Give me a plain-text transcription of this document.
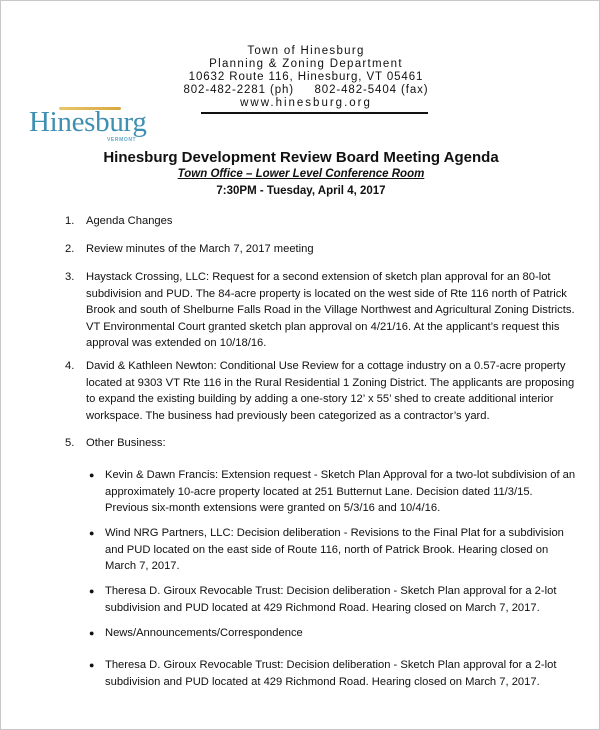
Town of Hinesburg
Planning & Zoning Department
10632 Route 116, Hinesburg, VT 05461
802-482-2281 (ph)     802-482-5404 (fax)
www.hinesburg.org
Hinesburg
VERMONT
Hinesburg Development Review Board Meeting Agenda
Town Office – Lower Level Conference Room
7:30PM - Tuesday, April 4, 2017
1. Agenda Changes
2. Review minutes of the March 7, 2017 meeting
3. Haystack Crossing, LLC: Request for a second extension of sketch plan approval for an 80-lot subdivision and PUD. The 84-acre property is located on the west side of Rte 116 north of Patrick Brook and south of Shelburne Falls Road in the Village Northwest and Agricultural Zoning Districts. VT Environmental Court granted sketch plan approval on 4/21/16. At the applicant’s request this approval was extended on 10/18/16.
4. David & Kathleen Newton: Conditional Use Review for a cottage industry on a 0.57-acre property located at 9303 VT Rte 116 in the Rural Residential 1 Zoning District. The applicants are proposing to expand the existing building by adding a one-story 12’ x 55’ shed to create additional interior workspace. The business had previously been categorized as a contractor’s yard.
5. Other Business:
● Kevin & Dawn Francis: Extension request - Sketch Plan Approval for a two-lot subdivision of an approximately 10-acre property located at 251 Butternut Lane. Decision dated 11/3/15. Previous six-month extensions were granted on 5/3/16 and 10/4/16.
● Wind NRG Partners, LLC: Decision deliberation - Revisions to the Final Plat for a subdivision and PUD located on the east side of Route 116, north of Patrick Brook. Hearing closed on March 7, 2017.
● Theresa D. Giroux Revocable Trust: Decision deliberation - Sketch Plan approval for a 2-lot subdivision and PUD located at 429 Richmond Road. Hearing closed on March 7, 2017.
● News/Announcements/Correspondence
● Theresa D. Giroux Revocable Trust: Decision deliberation - Sketch Plan approval for a 2-lot subdivision and PUD located at 429 Richmond Road. Hearing closed on March 7, 2017.
